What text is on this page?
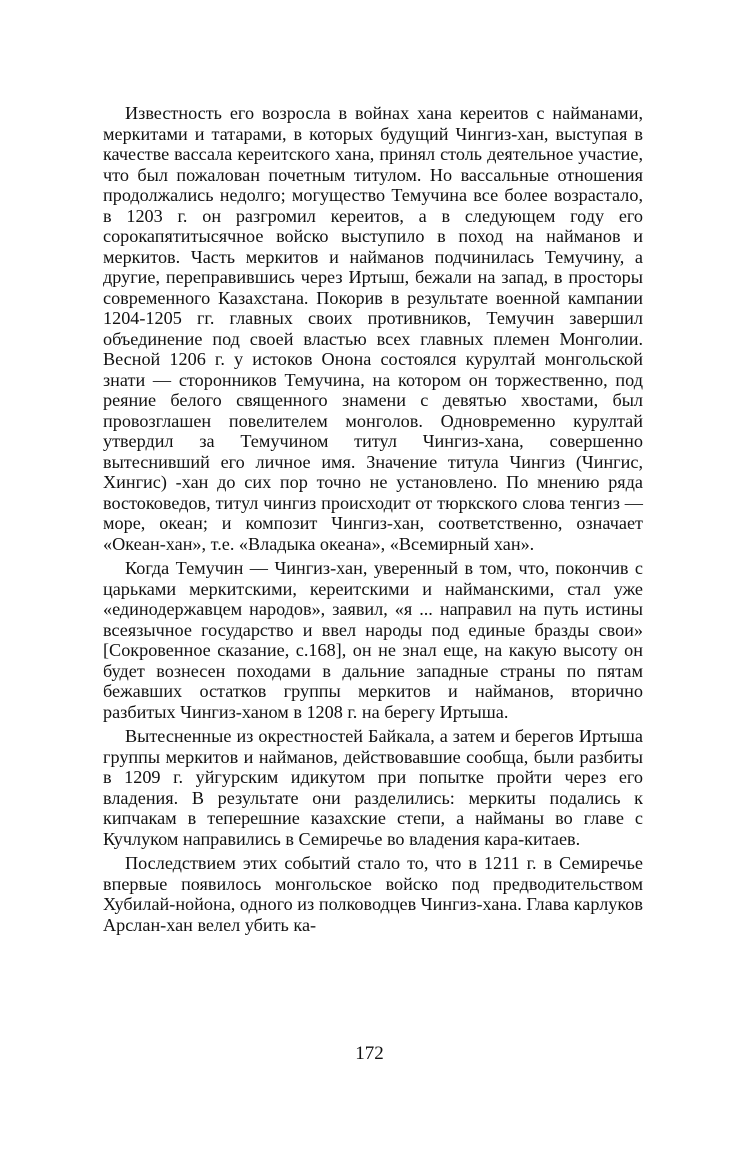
Известность его возросла в войнах хана кереитов с найманами, меркитами и татарами, в которых будущий Чингиз-хан, выступая в качестве вассала кереитского хана, принял столь деятельное участие, что был пожалован почетным титулом. Но вассальные отношения продолжались недолго; могущество Темучина все более возрастало, в 1203 г. он разгромил кереитов, а в следующем году его сорокапятитысячное войско выступило в поход на найманов и меркитов. Часть меркитов и найманов подчинилась Темучину, а другие, переправившись через Иртыш, бежали на запад, в просторы современного Казахстана. Покорив в результате военной кампании 1204-1205 гг. главных своих противников, Темучин завершил объединение под своей властью всех главных племен Монголии. Весной 1206 г. у истоков Онона состоялся курултай монгольской знати — сторонников Темучина, на котором он торжественно, под реяние белого священного знамени с девятью хвостами, был провозглашен повелителем монголов. Одновременно курултай утвердил за Темучином титул Чингиз-хана, совершенно вытеснивший его личное имя. Значение титула Чингиз (Чингис, Хингис) -хан до сих пор точно не установлено. По мнению ряда востоковедов, титул чингиз происходит от тюркского слова тенгиз — море, океан; и композит Чингиз-хан, соответственно, означает «Океан-хан», т.е. «Владыка океана», «Всемирный хан».

Когда Темучин — Чингиз-хан, уверенный в том, что, покончив с царьками меркитскими, кереитскими и найманскими, стал уже «единодержавцем народов», заявил, «я ... направил на путь истины всеязычное государство и ввел народы под единые бразды свои» [Сокровенное сказание, с.168], он не знал еще, на какую высоту он будет вознесен походами в дальние западные страны по пятам бежавших остатков группы меркитов и найманов, вторично разбитых Чингиз-ханом в 1208 г. на берегу Иртыша.

Вытесненные из окрестностей Байкала, а затем и берегов Иртыша группы меркитов и найманов, действовавшие сообща, были разбиты в 1209 г. уйгурским идикутом при попытке пройти через его владения. В результате они разделились: меркиты подались к кипчакам в теперешние казахские степи, а найманы во главе с Кучлуком направились в Семиречье во владения кара-китаев.

Последствием этих событий стало то, что в 1211 г. в Семиречье впервые появилось монгольское войско под предводительством Хубилай-нойона, одного из полководцев Чингиз-хана. Глава карлуков Арслан-хан велел убить ка-

172
